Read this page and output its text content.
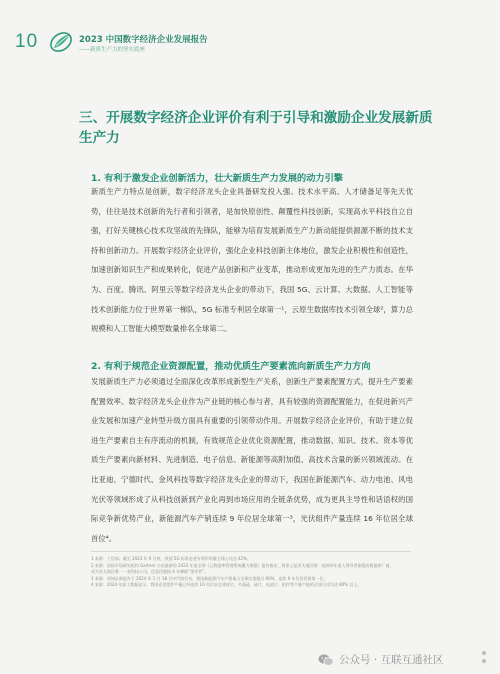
10	2023 中国数字经济企业发展报告
——新质生产力的坚实底座
三、开展数字经济企业评价有利于引导和激励企业发展新质生产力
1. 有利于激发企业创新活力，壮大新质生产力发展的动力引擎
新质生产力特点是创新，数字经济龙头企业具备研发投入强、技术水平高、人才储备足等先天优势，往往是技术创新的先行者和引领者，是加快原创性、颠覆性科技创新，实现高水平科技自立自强，打好关键核心技术攻坚战的先锋队，能够为培育发展新质生产力新动能提供源源不断的技术支持和创新动力。开展数字经济企业评价，强化企业科技创新主体地位，激发企业积极性和创造性，加速创新知识生产和成果转化，促进产品创新和产业变革，推动形成更加先进的生产力质态。在华为、百度、腾讯、阿里云等数字经济龙头企业的带动下，我国 5G、云计算、大数据、人工智能等技术创新能力位于世界第一梯队，5G 标准专利居全球第一¹，云原生数据库技术引领全球²，算力总规模和人工智能大模型数量排名全球第二。
2. 有利于规范企业资源配置，推动优质生产要素流向新质生产力方向
发展新质生产力必须通过全面深化改革形成新型生产关系，创新生产要素配置方式，提升生产要素配置效率。数字经济龙头企业作为产业链的核心参与者，具有较强的资源配置能力，在促进新兴产业发展和加速产业转型升级方面具有重要的引领带动作用。开展数字经济企业评价，有助于建立促进生产要素自主有序流动的机制，有效规范企业优化资源配置，推动数据、知识、技术、资本等优质生产要素向新材料、先进制造、电子信息、新能源等高附加值、高技术含量的新兴领域流动。在比亚迪、宁德时代、金风科技等数字经济龙头企业的带动下，我国在新能源汽车、动力电池、风电光伏等领域形成了从科技创新到产业化再到市场应用的全链条优势，成为更具主导性和话语权的国际竞争新优势产业，新能源汽车产销连续 9 年位居全球第一³，光伏组件产量连续 16 年位居全球首位⁴。
1 来源：工信部。截至 2023 年 9 月底，我国 5G 标准必要专利声明量全球占比达 42%。
2 来源：国际市场研究机构 Gartner 公布最新的 2023 年度全球《云数据库管理系统魔力象限》报告指出，阿里云是亚太地区唯一连续四年进入领导者象限的数据库厂商。
成为亚太地区唯一一家科技公司。信息化链接 4 年蝉联“领导者”。
3 来源：周知匠新报告于 2024 年 1 月 18 日中汽协发布，我国新能源汽车产销量占全球比重超过 60%，连续 9 年位居世界第一位。
4 来源：2024 年高工数据显示，我国光伏组件产量已经连续 16 年位居全球首位，多晶硅、硅片、电池片、组件等产量产能的全球占比均达 80% 以上。
公众号 · 互联互通社区
